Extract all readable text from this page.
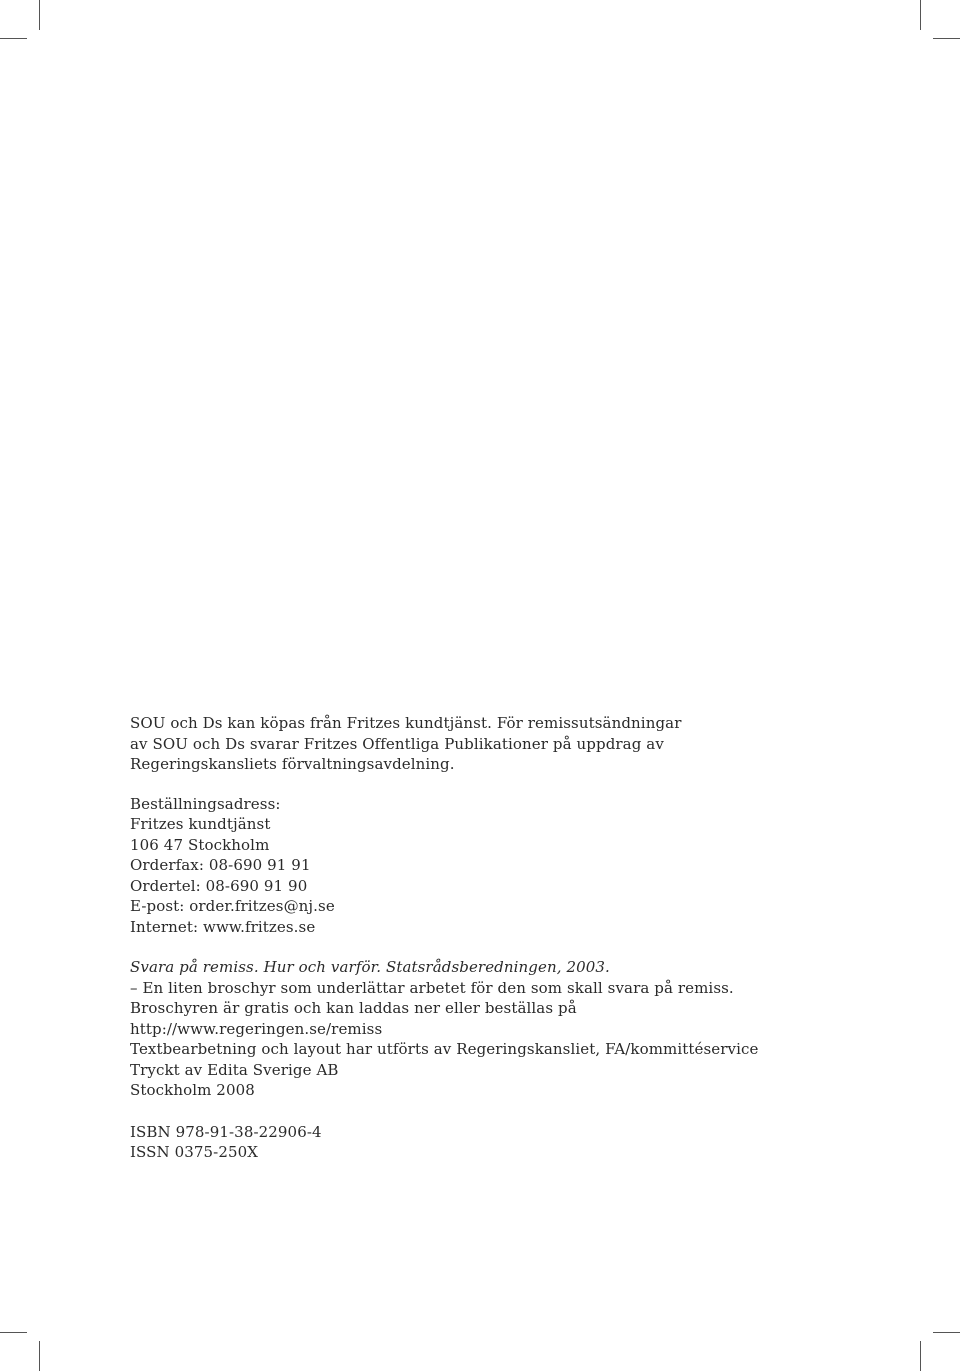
SOU och Ds kan köpas från Fritzes kundtjänst. För remissutsändningar

av SOU och Ds svarar Fritzes Offentliga Publikationer på uppdrag av

Regeringskansliets förvaltningsavdelning.

Beställningsadress:

Fritzes kundtjänst

106 47 Stockholm

Orderfax: 08-690 91 91

Ordertel: 08-690 91 90

E-post: order.fritzes@nj.se

Internet: www.fritzes.se

Svara på remiss. Hur och varför. Statsrådsberedningen, 2003.

– En liten broschyr som underlättar arbetet för den som skall svara på remiss.

Broschyren är gratis och kan laddas ner eller beställas på

http://www.regeringen.se/remiss

Textbearbetning och layout har utförts av Regeringskansliet, FA/kommittéservice

Tryckt av Edita Sverige AB

Stockholm 2008

ISBN 978-91-38-22906-4

ISSN 0375-250X
